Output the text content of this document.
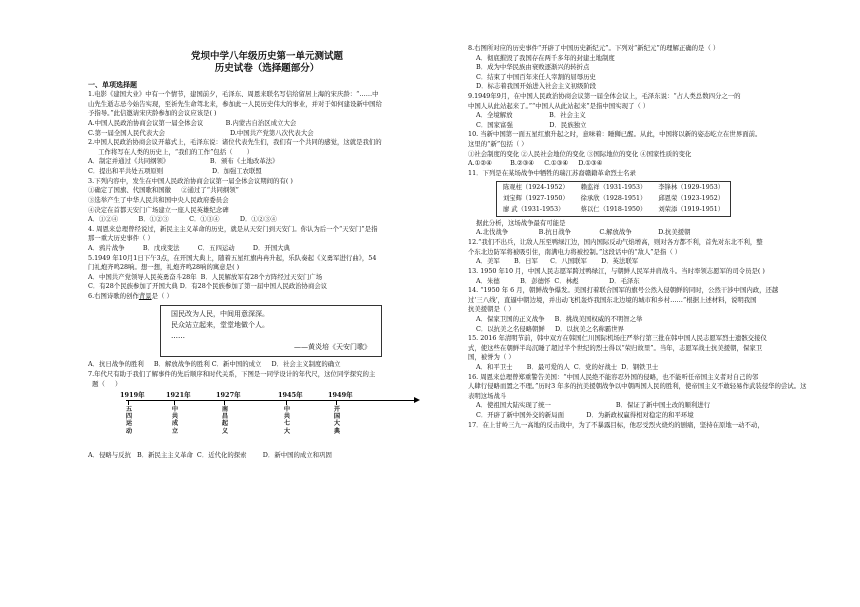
党坝中学八年级历史第一单元测试题
历史试卷（选择题部分）
一、单项选择题

1.电影《建国大业》中有一个情节，建国前夕，毛泽东、周恩来联名写信给留居上海的宋庆龄：“……中

山先生逝志忌今始告实现，至祈先生命驾北来，参加此一人民历史伟大的事业，并对于如何建设新中国给

予指导。”此信邀请宋庆龄参加的会议应该是( )

A.中国人民政治协商会议第一届全体会议           B.内蒙古自治区成立大会

C.第一届全国人民代表大会                                D.中国共产党第八次代表大会

2.中国人民政治协商会议开幕式上，毛泽东说：诸位代表先生们，我们有一个共同的感觉，这就是我们的

工作将写在人类的历史上，“我们的工作”包括（       ）

A．制定并通过《共同纲领》                    B．颁布《土地改革法》

C．提出和平共处五项原则                        D．加强工农联盟

3.下列内容中，发生在中国人民政治协商会议第一届全体会议期间的有( )

①确定了国旗、代国歌和国徽     ②通过了“共同纲领”

③选举产生了中华人民共和国中央人民政府委员会

④决定在首都天安门广场建立一座人民英雄纪念碑

A．①②④          B．①②③          C．①③④          D．①②③④

4. 周恩来总理曾经说过，新民主主义革命的历史，就是从天安门到天安门。你认为后一个“天安门”是指

那一重大历史事件（ ）

A．鸦片战争         B．戊戌变法         C．五四运动         D．开国大典

5.1949 年10月1日下午3点，在开国大典上，随着五星红旗冉冉升起，乐队奏起《义勇军进行曲》，54

门礼炮齐鸣28响。想一想，礼炮齐鸣28响的寓意是( )

A．中国共产党领导人民英勇奋斗28年  B．人民解放军有28个方阵经过天安门广场

C．有28个民族参加了开国大典 D．有28个民族参加了第一届中国人民政治协商会议

6.右图诗歌的创作背景是（ ）

国民改为人民，中间用意深深。

民众站立起来，堂堂地做个人。

……

——黄炎培《天安门歌》

A．抗日战争的胜利     B．解放战争的胜利 C．新中国的成立     D．社会主义制度的确立

7.年代尺有助于我们了解事件的先后顺序和时代关系，下图是一同学设计的年代尺，这位同学探究的主

题（     ）

1919年
五四运动
1921年
中共成立
1927年
南昌起义
1945年
中共七大
1949年
开国大典

A．侵略与反抗   B．新民主主义革命  C．近代化的探索        D．新中国的成立和巩固

8.右图所对应的历史事件“开辟了中国历史新纪元”。下列对“新纪元”的理解正确的是（ ）

A．彻底摧毁了我国存在两千多年的封建土地制度

B．成为中华民族由衰败逐渐兴的转折点

C．结束了中国百年来任人宰割的屈辱历史

D．标志着我国开始进入社会主义初级阶段

9.1949年9月，在中国人民政治协商会议第一届全体会议上，毛泽东说：“占人类总数四分之一的

中国人从此站起来了。”“中国人从此站起来”是指中国实现了（ ）

A．全境解放                  B．社会主义

C．国家富强                  D．民族独立

10. 当新中国第一面五星红旗升起之时，意味着：睡狮已醒。从此，中国将以新的姿态屹立在世界面前。

这里的“新”包括（ ）

①社会制度的变化 ②人民社会地位的变化 ③国际地位的变化 ④国家性质的变化

A.①②④         B.②③④     C.①③④     D.①③④

11．下列是在某场战争中牺牲的瑞江苏裔赣籍革命烈士名录

陈观柱（1924-1952）	赖监祥（1931-1953）	李锋林（1929-1953）
刘宝辉（1927-1950）	徐承欣（1928-1951）	邱恩荣（1923-1952）
廖 武（1931-1953）	蔡以仁（1918-1950）	刘荣添（1919-1951）

据此分析，这场战争最有可能是

A.北伐战争               B.抗日战争              C.解放战争             D.抗美援朝

12.“我们不出兵，让敌人压至鸭绿江边，国内国际反动气焰增高，则对各方都不利，首先对东北不利，整

个东北边防军将被吸引住，南满电力将被控制。”这段话中的“敌人”是指（ ）

A．美军       B．日军      C．八国联军       D．英法联军

13. 1950 年10 月，中国人民志愿军跨过鸭绿江，与朝鲜人民军并肩战斗。当时率领志愿军的司令员是( )

A．朱德          B．彭德怀  C．林彪               D．毛泽东

14. “1950 年 6 月，朝鲜战争爆发。美国打着联合国军的旗号公然入侵朝鲜的同时，公然干涉中国内政，还越

过‘三八线’，直逼中朝边境，并出动飞机轰炸我国东北边境的城市和乡村……”根据上述材料，说明我国

抗美援朝是（ ）

A．保家卫国的正义战争     B．挑战美国权威的不明智之举

C．以抗美之名侵略朝鲜     D．以抗美之名称霸世界

15. 2016 年清明节前，韩中双方在韩国仁川国际机场庄严举行第三批在韩中国人民志愿军烈士遗骸交接仪

式，使这些在朝鲜半岛沉睡了超过半个世纪的烈士得以“荣归故里”。当年，志愿军战士抗美援朝，保家卫

国，被誉为（ ）

A．和平卫士       B．最可爱的人  C．党的好战士  D．钢铁卫士

16. 周恩来总理曾郑重警告美国：“中国人民绝不能容忍外国的侵略，也不能听任帝国主义者对自己的邻

人肆行侵略而置之不理。”历时3 年多的抗美援朝战争以中朝两国人民的胜利，使帝国主义不敢轻易作武装侵华的尝试。这

表明这场战斗

A．使祖国大陆实现了统一                                B．保证了新中国土改的顺利进行

C．开辟了新中国外交的新局面           D．为新政权赢得相对稳定的和平环境

17．在上甘岭三九一高地的反击战中，为了不暴露目标，他忍受烈火烧灼的剧痛，坚持在原地一动不动，
